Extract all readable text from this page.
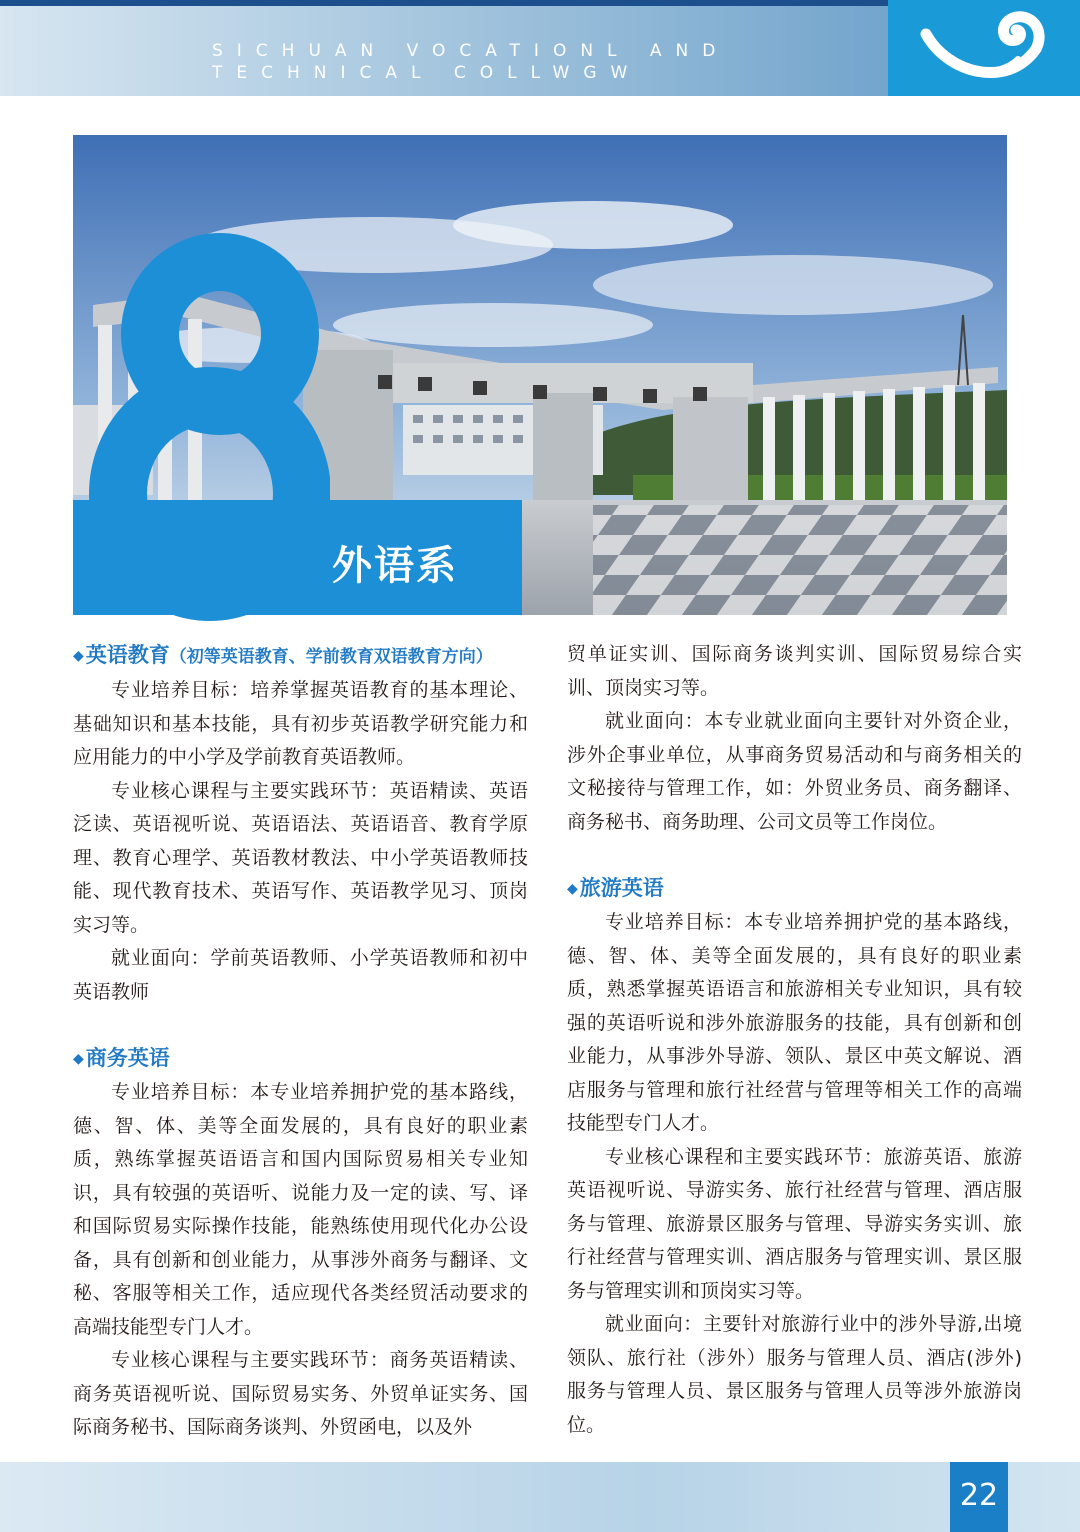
SICHUAN VOCATIONL AND TECHNICAL COLLWGW
8
外语系
◆英语教育（初等英语教育、学前教育双语教育方向）

专业培养目标：培养掌握英语教育的基本理论、基础知识和基本技能，具有初步英语教学研究能力和应用能力的中小学及学前教育英语教师。

专业核心课程与主要实践环节：英语精读、英语泛读、英语视听说、英语语法、英语语音、教育学原理、教育心理学、英语教材教法、中小学英语教师技能、现代教育技术、英语写作、英语教学见习、顶岗实习等。

就业面向：学前英语教师、小学英语教师和初中英语教师

◆商务英语

专业培养目标：本专业培养拥护党的基本路线，德、智、体、美等全面发展的，具有良好的职业素质，熟练掌握英语语言和国内国际贸易相关专业知识，具有较强的英语听、说能力及一定的读、写、译和国际贸易实际操作技能，能熟练使用现代化办公设备，具有创新和创业能力，从事涉外商务与翻译、文秘、客服等相关工作，适应现代各类经贸活动要求的高端技能型专门人才。

专业核心课程与主要实践环节：商务英语精读、商务英语视听说、国际贸易实务、外贸单证实务、国际商务秘书、国际商务谈判、外贸函电，以及外

贸单证实训、国际商务谈判实训、国际贸易综合实训、顶岗实习等。

就业面向：本专业就业面向主要针对外资企业，涉外企事业单位，从事商务贸易活动和与商务相关的文秘接待与管理工作，如：外贸业务员、商务翻译、商务秘书、商务助理、公司文员等工作岗位。

◆旅游英语

专业培养目标：本专业培养拥护党的基本路线，德、智、体、美等全面发展的，具有良好的职业素质，熟悉掌握英语语言和旅游相关专业知识，具有较强的英语听说和涉外旅游服务的技能，具有创新和创业能力，从事涉外导游、领队、景区中英文解说、酒店服务与管理和旅行社经营与管理等相关工作的高端技能型专门人才。

专业核心课程和主要实践环节：旅游英语、旅游英语视听说、导游实务、旅行社经营与管理、酒店服务与管理、旅游景区服务与管理、导游实务实训、旅行社经营与管理实训、酒店服务与管理实训、景区服务与管理实训和顶岗实习等。

就业面向：主要针对旅游行业中的涉外导游,出境领队、旅行社（涉外）服务与管理人员、酒店(涉外) 服务与管理人员、景区服务与管理人员等涉外旅游岗位。

22
